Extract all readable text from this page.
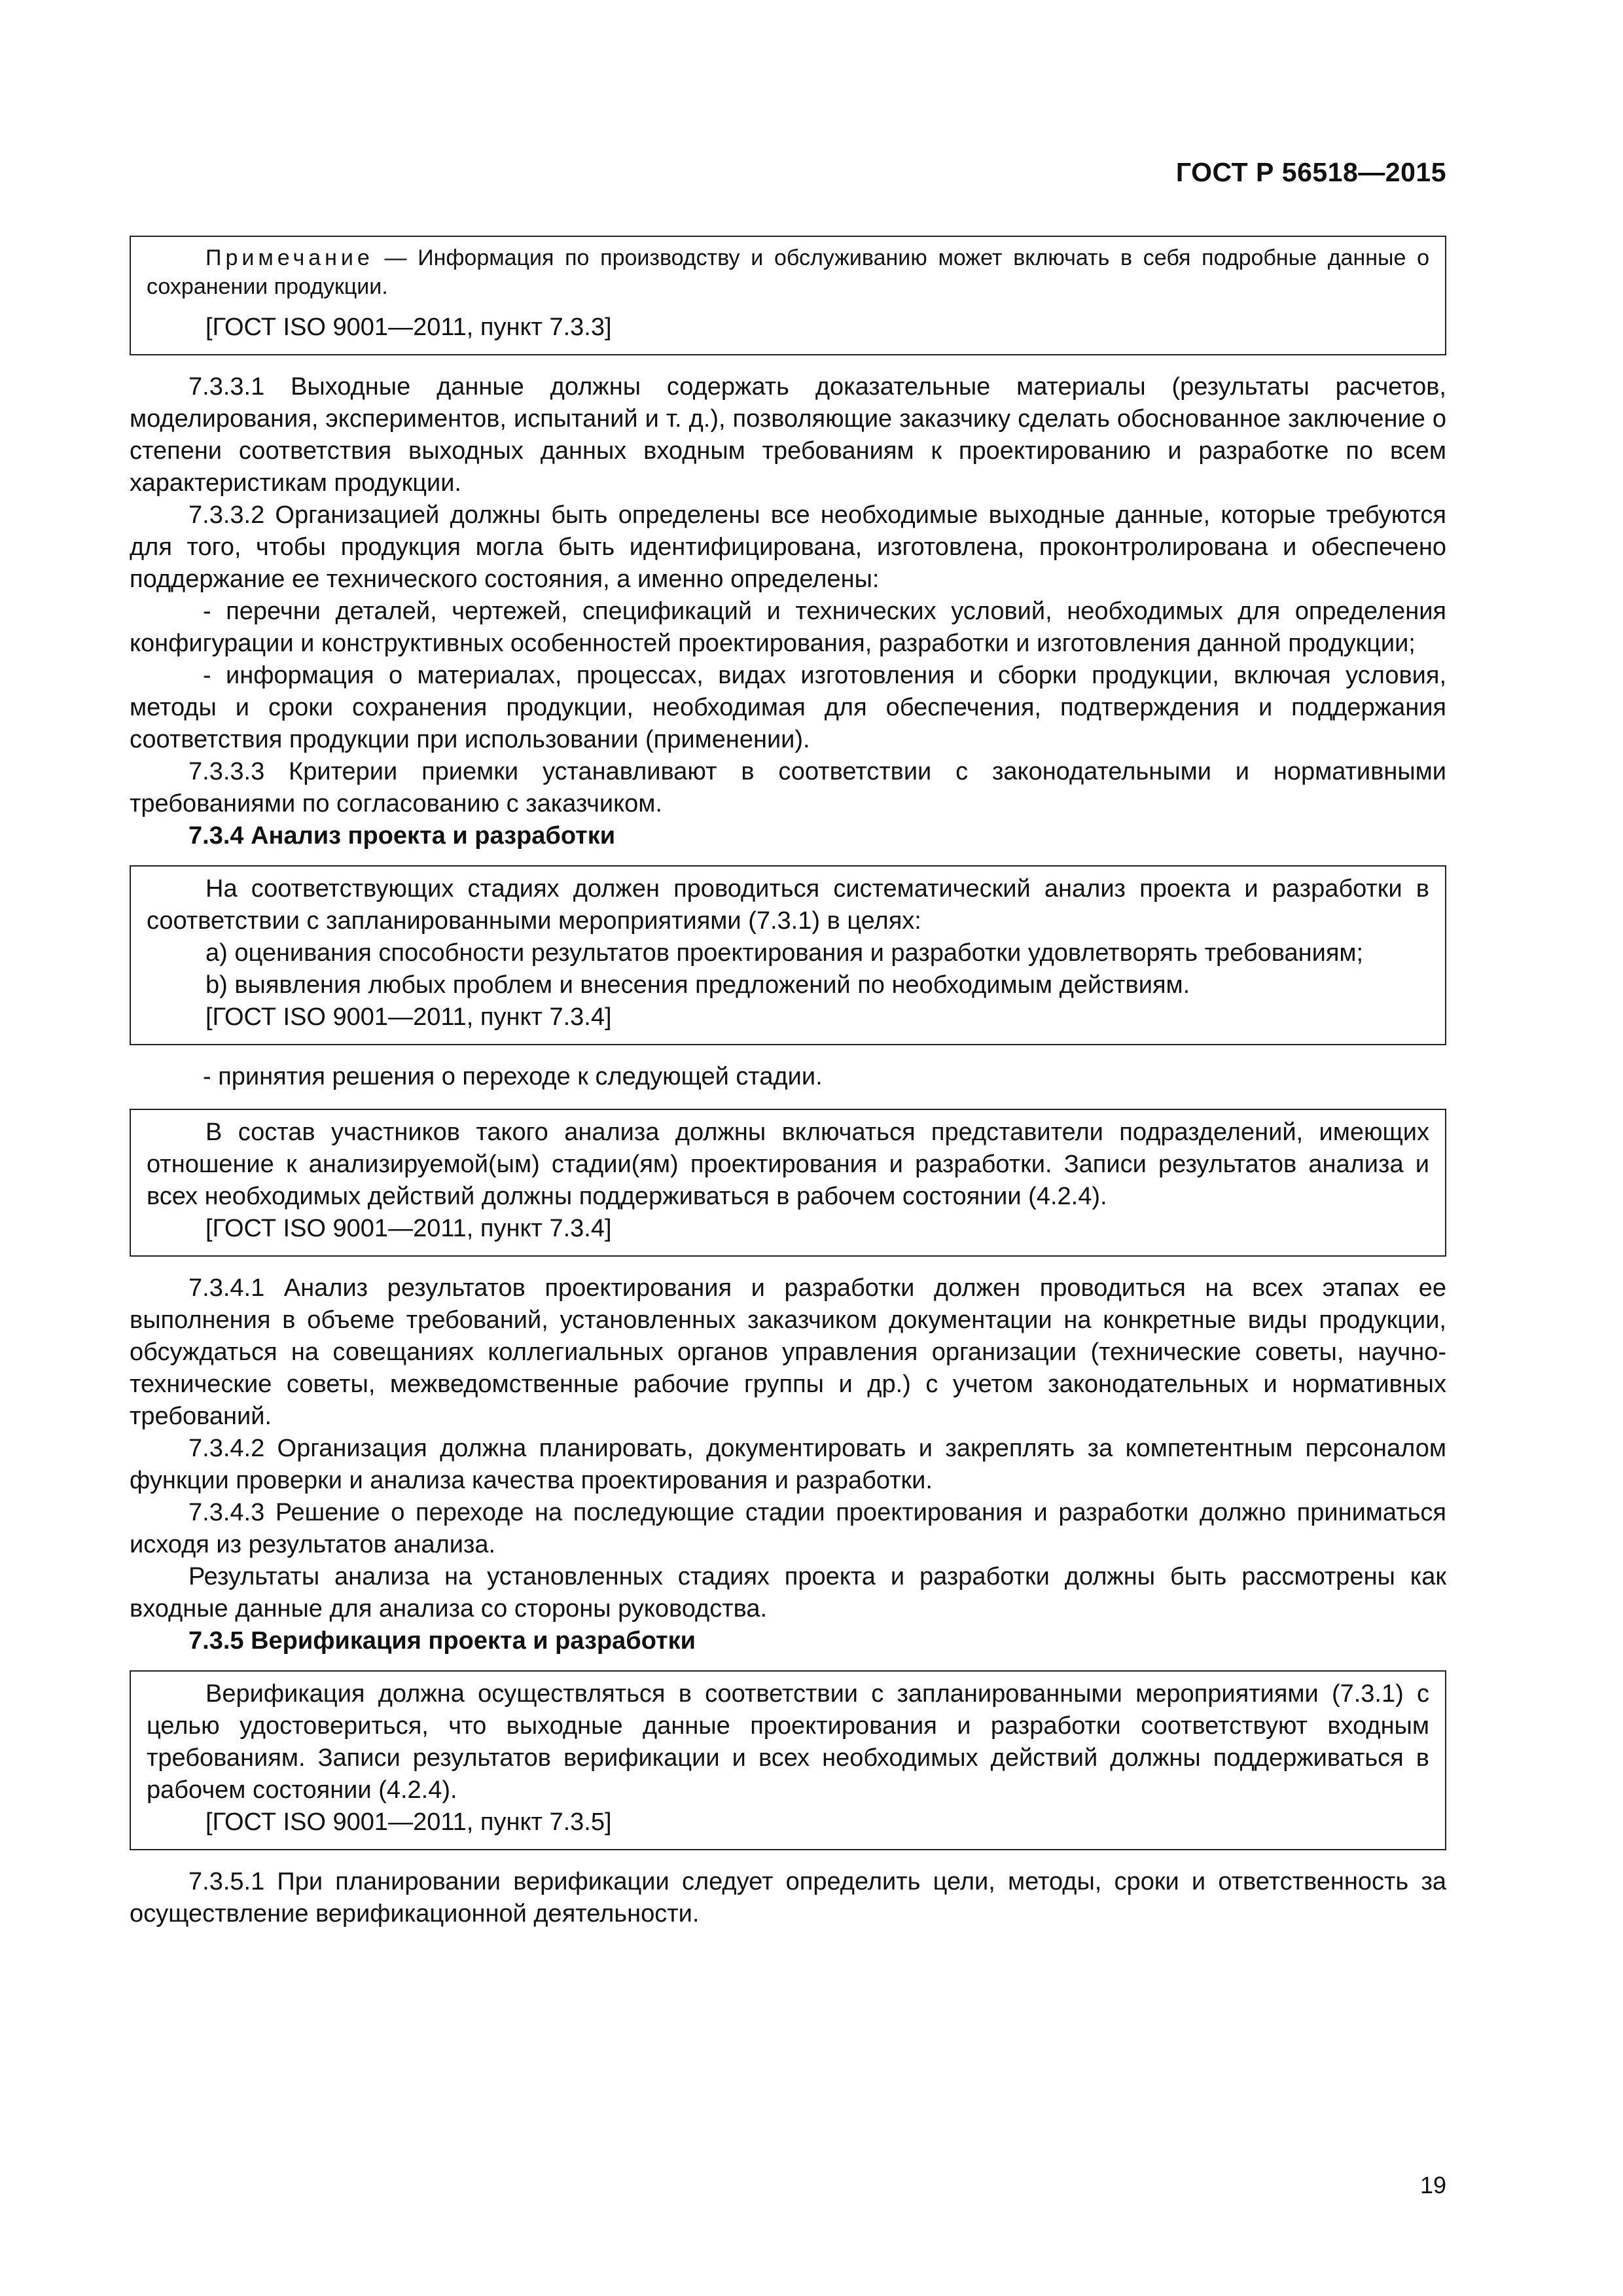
ГОСТ Р 56518—2015

Примечание — Информация по производству и обслуживанию может включать в себя подробные данные о сохранении продукции.

[ГОСТ ISO 9001—2011, пункт 7.3.3]

7.3.3.1 Выходные данные должны содержать доказательные материалы (результаты расчетов, моделирования, экспериментов, испытаний и т. д.), позволяющие заказчику сделать обоснованное заключение о степени соответствия выходных данных входным требованиям к проектированию и разработке по всем характеристикам продукции.

7.3.3.2 Организацией должны быть определены все необходимые выходные данные, которые требуются для того, чтобы продукция могла быть идентифицирована, изготовлена, проконтролирована и обеспечено поддержание ее технического состояния, а именно определены:

- перечни деталей, чертежей, спецификаций и технических условий, необходимых для определения конфигурации и конструктивных особенностей проектирования, разработки и изготовления данной продукции;

- информация о материалах, процессах, видах изготовления и сборки продукции, включая условия, методы и сроки сохранения продукции, необходимая для обеспечения, подтверждения и поддержания соответствия продукции при использовании (применении).

7.3.3.3 Критерии приемки устанавливают в соответствии с законодательными и нормативными требованиями по согласованию с заказчиком.

7.3.4 Анализ проекта и разработки

На соответствующих стадиях должен проводиться систематический анализ проекта и разработки в соответствии с запланированными мероприятиями (7.3.1) в целях:

a) оценивания способности результатов проектирования и разработки удовлетворять требованиям;

b) выявления любых проблем и внесения предложений по необходимым действиям.

[ГОСТ ISO 9001—2011, пункт 7.3.4]

- принятия решения о переходе к следующей стадии.

В состав участников такого анализа должны включаться представители подразделений, имеющих отношение к анализируемой(ым) стадии(ям) проектирования и разработки. Записи результатов анализа и всех необходимых действий должны поддерживаться в рабочем состоянии (4.2.4).

[ГОСТ ISO 9001—2011, пункт 7.3.4]

7.3.4.1 Анализ результатов проектирования и разработки должен проводиться на всех этапах ее выполнения в объеме требований, установленных заказчиком документации на конкретные виды продукции, обсуждаться на совещаниях коллегиальных органов управления организации (технические советы, научно-технические советы, межведомственные рабочие группы и др.) с учетом законодательных и нормативных требований.

7.3.4.2 Организация должна планировать, документировать и закреплять за компетентным персоналом функции проверки и анализа качества проектирования и разработки.

7.3.4.3 Решение о переходе на последующие стадии проектирования и разработки должно приниматься исходя из результатов анализа.

Результаты анализа на установленных стадиях проекта и разработки должны быть рассмотрены как входные данные для анализа со стороны руководства.

7.3.5 Верификация проекта и разработки

Верификация должна осуществляться в соответствии с запланированными мероприятиями (7.3.1) с целью удостовериться, что выходные данные проектирования и разработки соответствуют входным требованиям. Записи результатов верификации и всех необходимых действий должны поддерживаться в рабочем состоянии (4.2.4).

[ГОСТ ISO 9001—2011, пункт 7.3.5]

7.3.5.1 При планировании верификации следует определить цели, методы, сроки и ответственность за осуществление верификационной деятельности.

19
